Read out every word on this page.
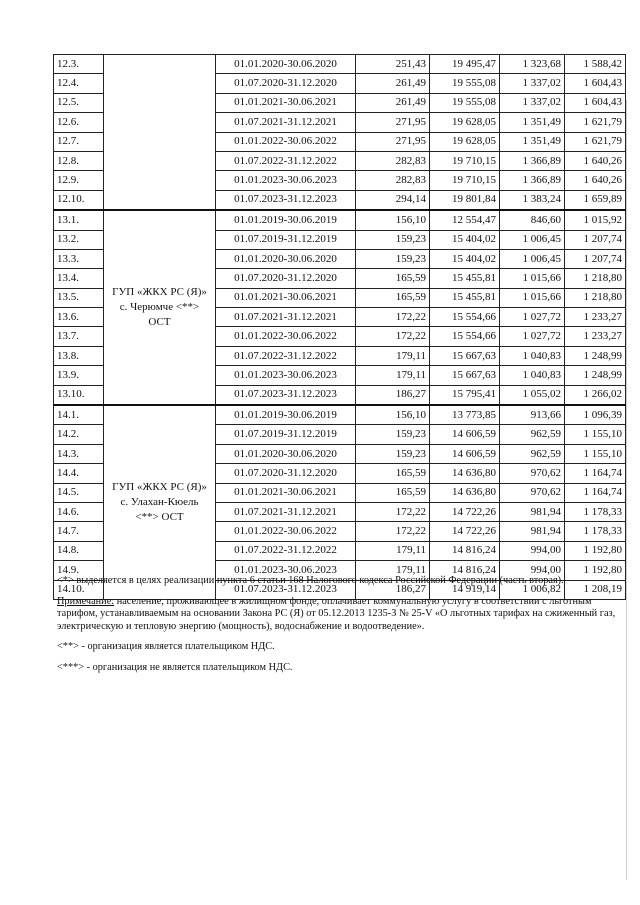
12.3.		01.01.2020-30.06.2020	251,43	19 495,47	1 323,68	1 588,42
12.4.		01.07.2020-31.12.2020	261,49	19 555,08	1 337,02	1 604,43
12.5.		01.01.2021-30.06.2021	261,49	19 555,08	1 337,02	1 604,43
12.6.		01.07.2021-31.12.2021	271,95	19 628,05	1 351,49	1 621,79
12.7.		01.01.2022-30.06.2022	271,95	19 628,05	1 351,49	1 621,79
12.8.		01.07.2022-31.12.2022	282,83	19 710,15	1 366,89	1 640,26
12.9.		01.01.2023-30.06.2023	282,83	19 710,15	1 366,89	1 640,26
12.10.		01.07.2023-31.12.2023	294,14	19 801,84	1 383,24	1 659,89
13.1.	ГУП «ЖКХ РС (Я)»
с. Черюмче <**>
ОСТ	01.01.2019-30.06.2019	156,10	12 554,47	846,60	1 015,92
13.2.		01.07.2019-31.12.2019	159,23	15 404,02	1 006,45	1 207,74
13.3.		01.01.2020-30.06.2020	159,23	15 404,02	1 006,45	1 207,74
13.4.		01.07.2020-31.12.2020	165,59	15 455,81	1 015,66	1 218,80
13.5.		01.01.2021-30.06.2021	165,59	15 455,81	1 015,66	1 218,80
13.6.		01.07.2021-31.12.2021	172,22	15 554,66	1 027,72	1 233,27
13.7.		01.01.2022-30.06.2022	172,22	15 554,66	1 027,72	1 233,27
13.8.		01.07.2022-31.12.2022	179,11	15 667,63	1 040,83	1 248,99
13.9.		01.01.2023-30.06.2023	179,11	15 667,63	1 040,83	1 248,99
13.10.		01.07.2023-31.12.2023	186,27	15 795,41	1 055,02	1 266,02
14.1.	ГУП «ЖКХ РС (Я)»
с. Улахан-Кюель
<**> ОСТ	01.01.2019-30.06.2019	156,10	13 773,85	913,66	1 096,39
14.2.		01.07.2019-31.12.2019	159,23	14 606,59	962,59	1 155,10
14.3.		01.01.2020-30.06.2020	159,23	14 606,59	962,59	1 155,10
14.4.		01.07.2020-31.12.2020	165,59	14 636,80	970,62	1 164,74
14.5.		01.01.2021-30.06.2021	165,59	14 636,80	970,62	1 164,74
14.6.		01.07.2021-31.12.2021	172,22	14 722,26	981,94	1 178,33
14.7.		01.01.2022-30.06.2022	172,22	14 722,26	981,94	1 178,33
14.8.		01.07.2022-31.12.2022	179,11	14 816,24	994,00	1 192,80
14.9.		01.01.2023-30.06.2023	179,11	14 816,24	994,00	1 192,80
14.10.		01.07.2023-31.12.2023	186,27	14 919,14	1 006,82	1 208,19

<*> выделяется в целях реализации пункта 6 статьи 168 Налогового кодекса Российской Федерации (часть вторая).

Примечание: население, проживающее в жилищном фонде, оплачивает коммунальную услугу в соответствии с льготным тарифом, устанавливаемым на основании Закона РС (Я) от 05.12.2013 1235-З № 25-V «О льготных тарифах на сжиженный газ, электрическую и тепловую энергию (мощность), водоснабжение и водоотведение».

<**> - организация является плательщиком НДС.

<***> - организация не является плательщиком НДС.
